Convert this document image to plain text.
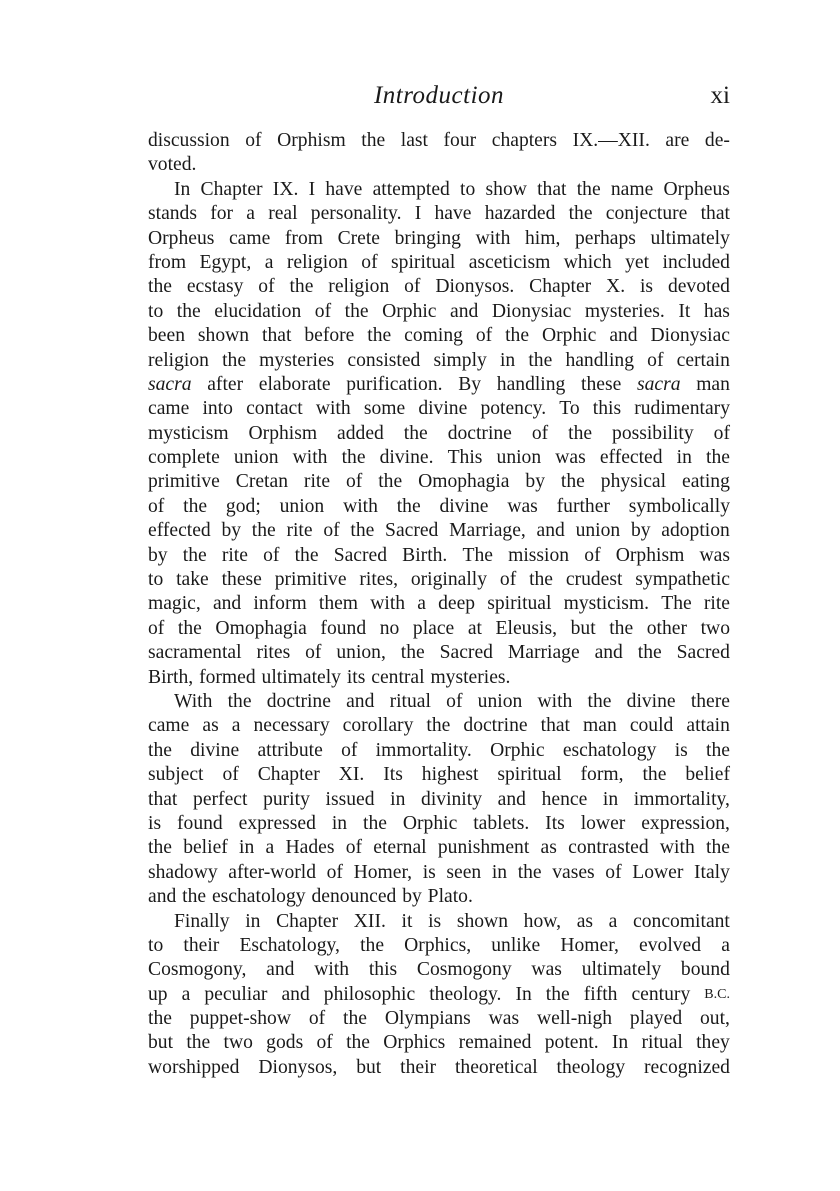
Introduction	xi
discussion of Orphism the last four chapters IX.—XII. are de-
voted.
In Chapter IX. I have attempted to show that the name Orpheus
stands for a real personality. I have hazarded the conjecture that
Orpheus came from Crete bringing with him, perhaps ultimately
from Egypt, a religion of spiritual asceticism which yet included
the ecstasy of the religion of Dionysos. Chapter X. is devoted
to the elucidation of the Orphic and Dionysiac mysteries. It has
been shown that before the coming of the Orphic and Dionysiac
religion the mysteries consisted simply in the handling of certain
sacra after elaborate purification. By handling these sacra man
came into contact with some divine potency. To this rudimentary
mysticism Orphism added the doctrine of the possibility of
complete union with the divine. This union was effected in the
primitive Cretan rite of the Omophagia by the physical eating
of the god; union with the divine was further symbolically
effected by the rite of the Sacred Marriage, and union by adoption
by the rite of the Sacred Birth. The mission of Orphism was
to take these primitive rites, originally of the crudest sympathetic
magic, and inform them with a deep spiritual mysticism. The rite
of the Omophagia found no place at Eleusis, but the other two
sacramental rites of union, the Sacred Marriage and the Sacred
Birth, formed ultimately its central mysteries.
With the doctrine and ritual of union with the divine there
came as a necessary corollary the doctrine that man could attain
the divine attribute of immortality. Orphic eschatology is the
subject of Chapter XI. Its highest spiritual form, the belief
that perfect purity issued in divinity and hence in immortality,
is found expressed in the Orphic tablets. Its lower expression,
the belief in a Hades of eternal punishment as contrasted with the
shadowy after-world of Homer, is seen in the vases of Lower Italy
and the eschatology denounced by Plato.
Finally in Chapter XII. it is shown how, as a concomitant
to their Eschatology, the Orphics, unlike Homer, evolved a
Cosmogony, and with this Cosmogony was ultimately bound
up a peculiar and philosophic theology. In the fifth century B.C.
the puppet-show of the Olympians was well-nigh played out,
but the two gods of the Orphics remained potent. In ritual they
worshipped Dionysos, but their theoretical theology recognized
